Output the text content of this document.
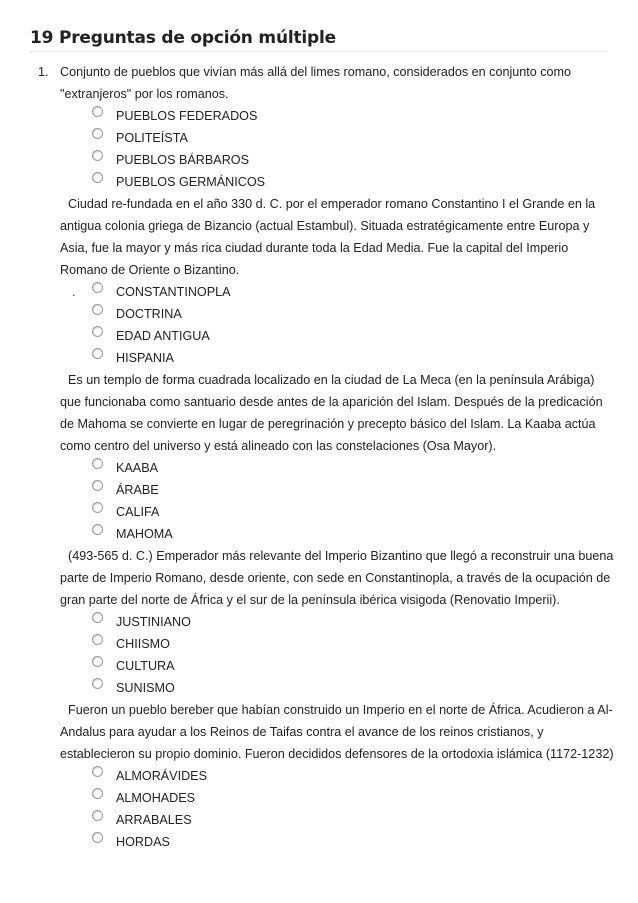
19 Preguntas de opción múltiple
1. Conjunto de pueblos que vivían más allá del limes romano, considerados en conjunto como "extranjeros" por los romanos.

PUEBLOS FEDERADOS
POLITEÍSTA
PUEBLOS BÁRBAROS
PUEBLOS GERMÁNICOS

Ciudad re-fundada en el año 330 d. C. por el emperador romano Constantino I el Grande en la antigua colonia griega de Bizancio (actual Estambul). Situada estratégicamente entre Europa y Asia, fue la mayor y más rica ciudad durante toda la Edad Media. Fue la capital del Imperio Romano de Oriente o Bizantino.

.	CONSTANTINOPLA
DOCTRINA
EDAD ANTIGUA
HISPANIA

Es un templo de forma cuadrada localizado en la ciudad de La Meca (en la península Arábiga) que funcionaba como santuario desde antes de la aparición del Islam. Después de la predicación de Mahoma se convierte en lugar de peregrinación y precepto básico del Islam. La Kaaba actúa como centro del universo y está alineado con las constelaciones (Osa Mayor).

KAABA
ÁRABE
CALIFA
MAHOMA

(493-565 d. C.) Emperador más relevante del Imperio Bizantino que llegó a reconstruir una buena parte de Imperio Romano, desde oriente, con sede en Constantinopla, a través de la ocupación de gran parte del norte de África y el sur de la península ibérica visigoda (Renovatio Imperii).

JUSTINIANO
CHIISMO
CULTURA
SUNISMO

Fueron un pueblo bereber que habían construido un Imperio en el norte de África. Acudieron a Al-Andalus para ayudar a los Reinos de Taifas contra el avance de los reinos cristianos, y establecieron su propio dominio. Fueron decididos defensores de la ortodoxia islámica (1172-1232)

ALMORÁVIDES
ALMOHADES
ARRABALES
HORDAS
